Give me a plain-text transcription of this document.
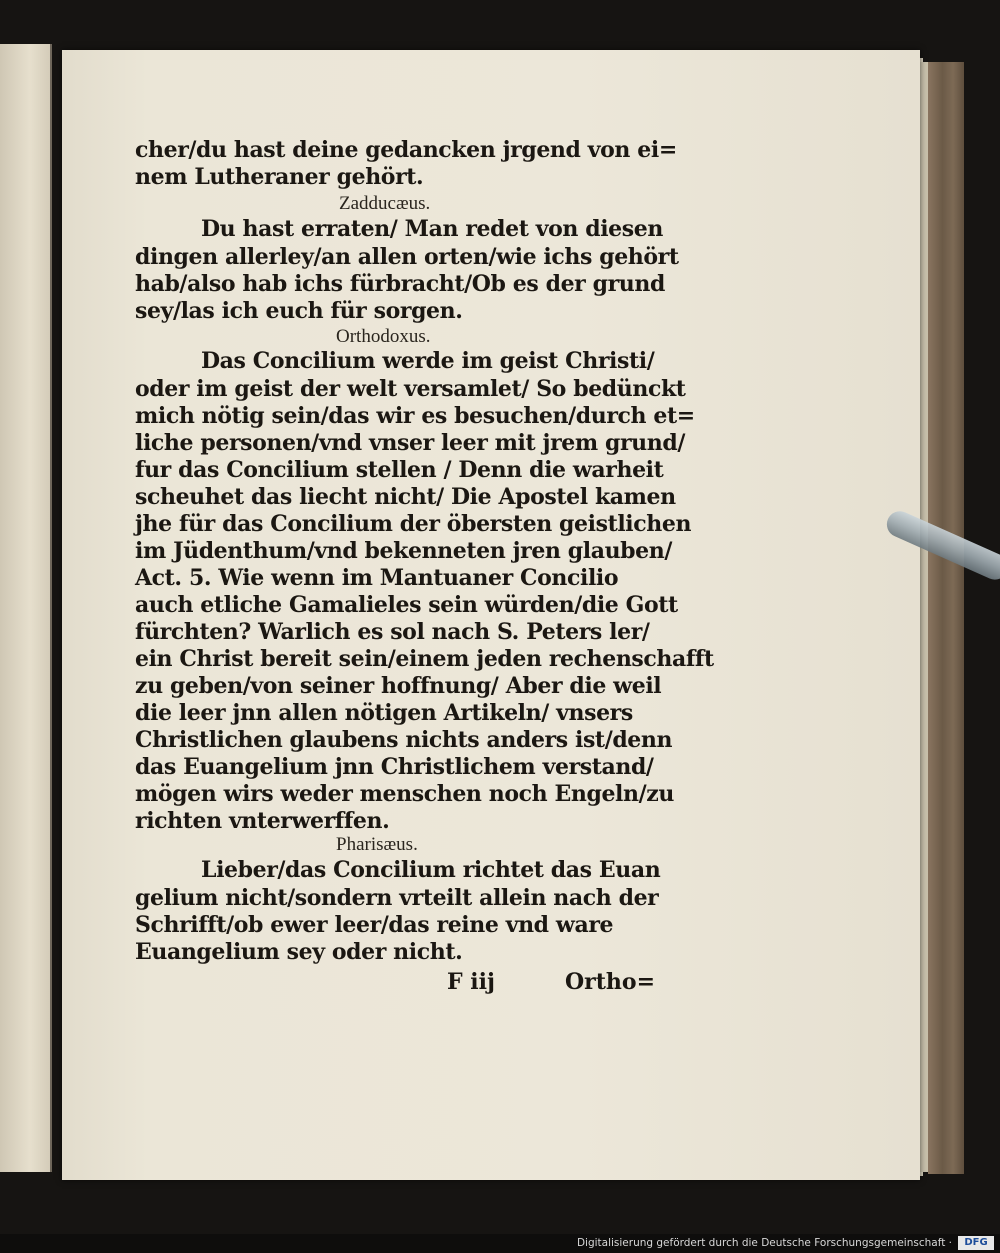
cher/du hast deine gedancken jrgend von ei=
nem Lutheraner gehört.
Zadducæus.
Du hast erraten/ Man redet von diesen
dingen allerley/an allen orten/wie ichs gehört
hab/also hab ichs fürbracht/Ob es der grund
sey/las ich euch für sorgen.
Orthodoxus.
Das Concilium werde im geist Christi/
oder im geist der welt versamlet/ So bedünckt
mich nötig sein/das wir es besuchen/durch et=
liche personen/vnd vnser leer mit jrem grund/
fur das Concilium stellen / Denn die warheit
scheuhet das liecht nicht/ Die Apostel kamen
jhe für das Concilium der öbersten geistlichen
im Jüdenthum/vnd bekenneten jren glauben/
Act. 5. Wie wenn im Mantuaner Concilio
auch etliche Gamalieles sein würden/die Gott
fürchten? Warlich es sol nach S. Peters ler/
ein Christ bereit sein/einem jeden rechenschafft
zu geben/von seiner hoffnung/ Aber die weil
die leer jnn allen nötigen Artikeln/ vnsers
Christlichen glaubens nichts anders ist/denn
das Euangelium jnn Christlichem verstand/
mögen wirs weder menschen noch Engeln/zu
richten vnterwerffen.
Pharisæus.
Lieber/das Concilium richtet das Euan
gelium nicht/sondern vrteilt allein nach der
Schrifft/ob ewer leer/das reine vnd ware
Euangelium sey oder nicht.
F iij	Ortho=
Digitalisierung gefördert durch die Deutsche Forschungsgemeinschaft ·	DFG
